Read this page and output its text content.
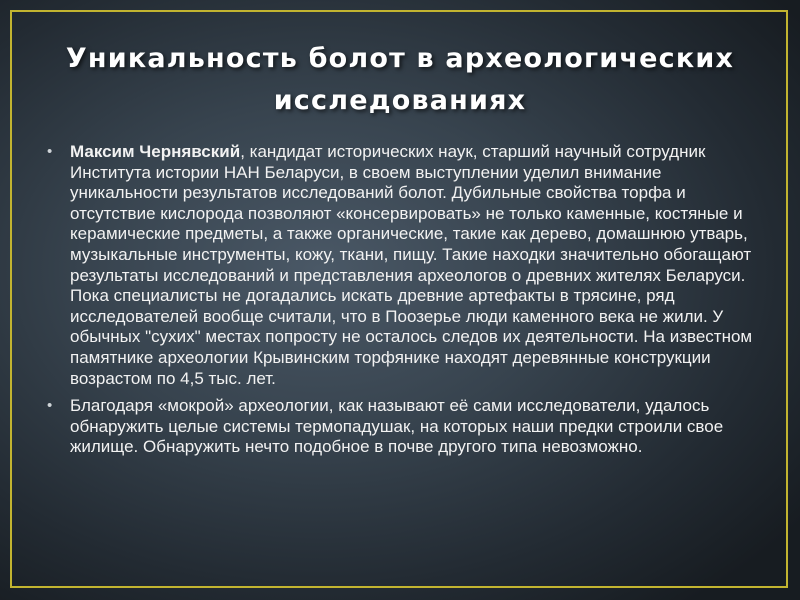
Уникальность болот в археологических исследованиях
• Максим Чернявский, кандидат исторических наук, старший научный сотрудник Института истории НАН Беларуси, в своем выступлении уделил внимание уникальности результатов исследований болот. Дубильные свойства торфа и отсутствие кислорода позволяют «консервировать» не только каменные, костяные и керамические предметы, а также органические, такие как дерево, домашнюю утварь, музыкальные инструменты, кожу, ткани, пищу. Такие находки значительно обогащают результаты исследований и представления археологов о древних жителях Беларуси. Пока специалисты не догадались искать древние артефакты в трясине, ряд исследователей вообще считали, что в Поозерье люди каменного века не жили. У обычных "сухих" местах попросту не осталось следов их деятельности. На известном памятнике археологии Крывинским торфянике находят деревянные конструкции возрастом по 4,5 тыс. лет.
• Благодаря «мокрой» археологии, как называют её сами исследователи, удалось обнаружить целые системы термопадушак, на которых наши предки строили свое жилище. Обнаружить нечто подобное в почве другого типа невозможно.
